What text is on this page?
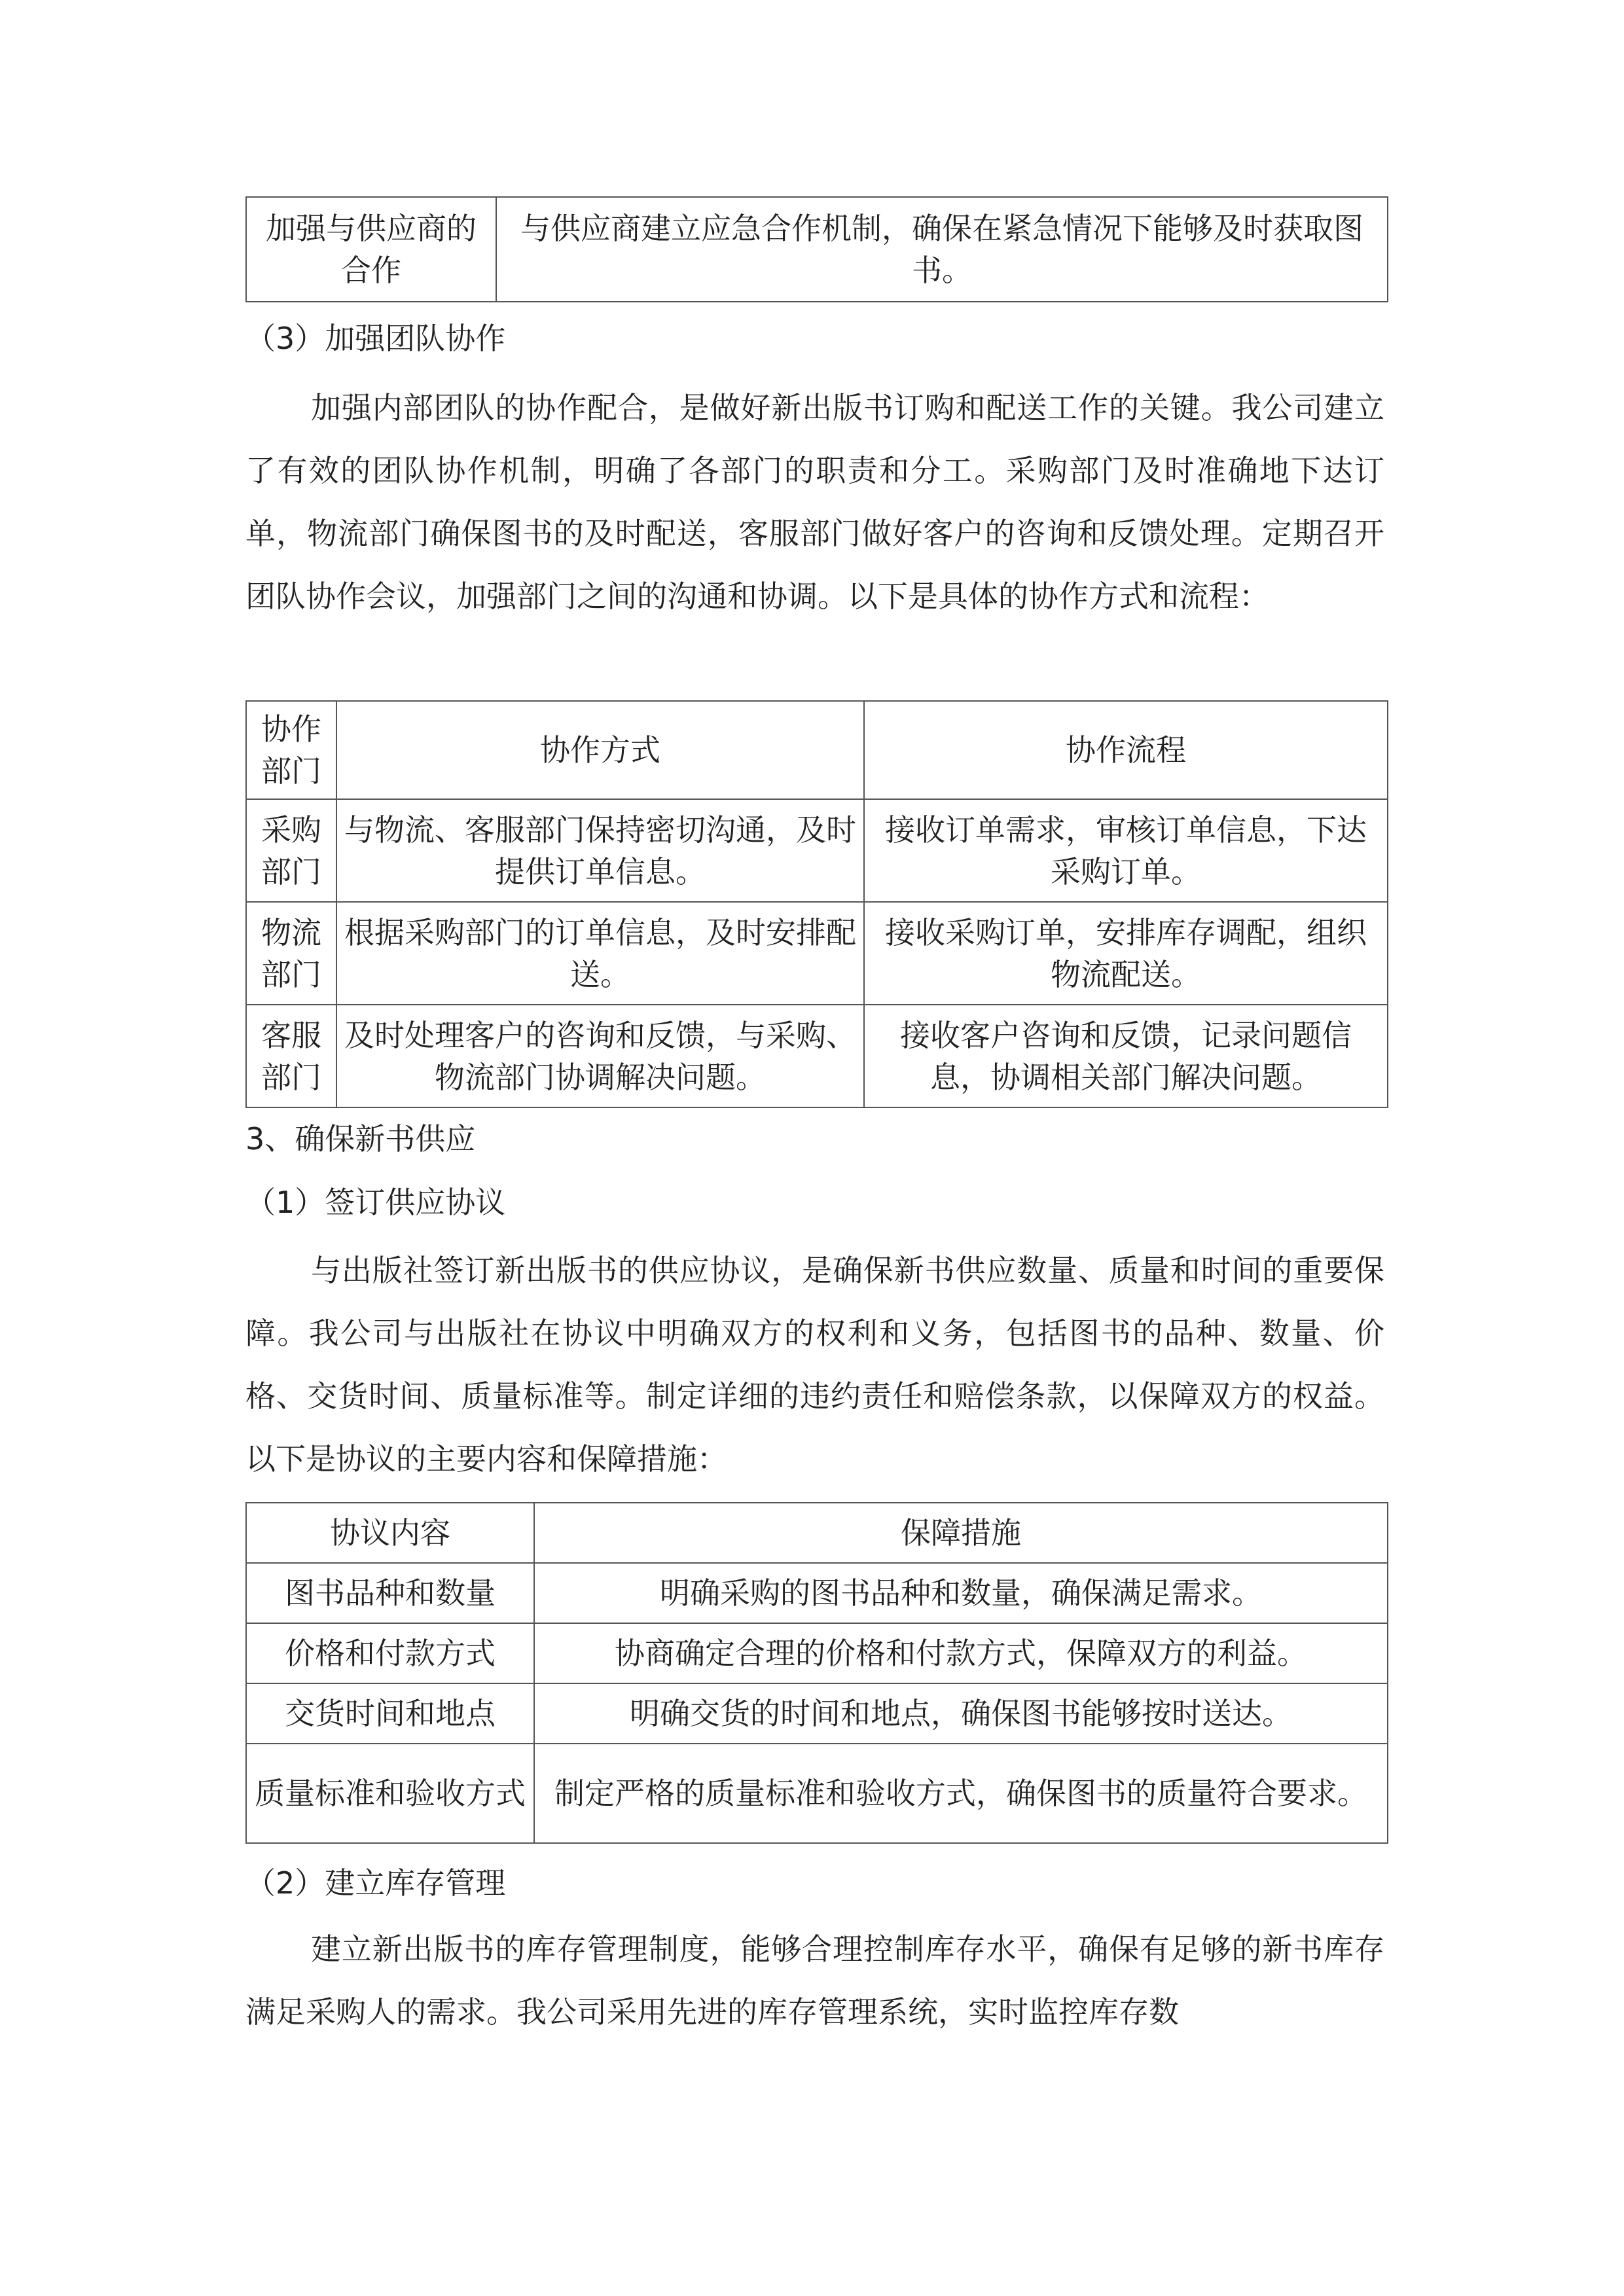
加强与供应商的合作	与供应商建立应急合作机制，确保在紧急情况下能够及时获取图书。
（3）加强团队协作
加强内部团队的协作配合，是做好新出版书订购和配送工作的关键。我公司建立了有效的团队协作机制，明确了各部门的职责和分工。采购部门及时准确地下达订单，物流部门确保图书的及时配送，客服部门做好客户的咨询和反馈处理。定期召开团队协作会议，加强部门之间的沟通和协调。以下是具体的协作方式和流程：
协作部门	协作方式	协作流程
采购部门	与物流、客服部门保持密切沟通，及时提供订单信息。	接收订单需求，审核订单信息，下达采购订单。
物流部门	根据采购部门的订单信息，及时安排配送。	接收采购订单，安排库存调配，组织物流配送。
客服部门	及时处理客户的咨询和反馈，与采购、物流部门协调解决问题。	接收客户咨询和反馈，记录问题信息，协调相关部门解决问题。
3、确保新书供应
（1）签订供应协议
与出版社签订新出版书的供应协议，是确保新书供应数量、质量和时间的重要保障。我公司与出版社在协议中明确双方的权利和义务，包括图书的品种、数量、价格、交货时间、质量标准等。制定详细的违约责任和赔偿条款，以保障双方的权益。以下是协议的主要内容和保障措施：
协议内容	保障措施
图书品种和数量	明确采购的图书品种和数量，确保满足需求。
价格和付款方式	协商确定合理的价格和付款方式，保障双方的利益。
交货时间和地点	明确交货的时间和地点，确保图书能够按时送达。
质量标准和验收方式	制定严格的质量标准和验收方式，确保图书的质量符合要求。
（2）建立库存管理
建立新出版书的库存管理制度，能够合理控制库存水平，确保有足够的新书库存满足采购人的需求。我公司采用先进的库存管理系统，实时监控库存数
